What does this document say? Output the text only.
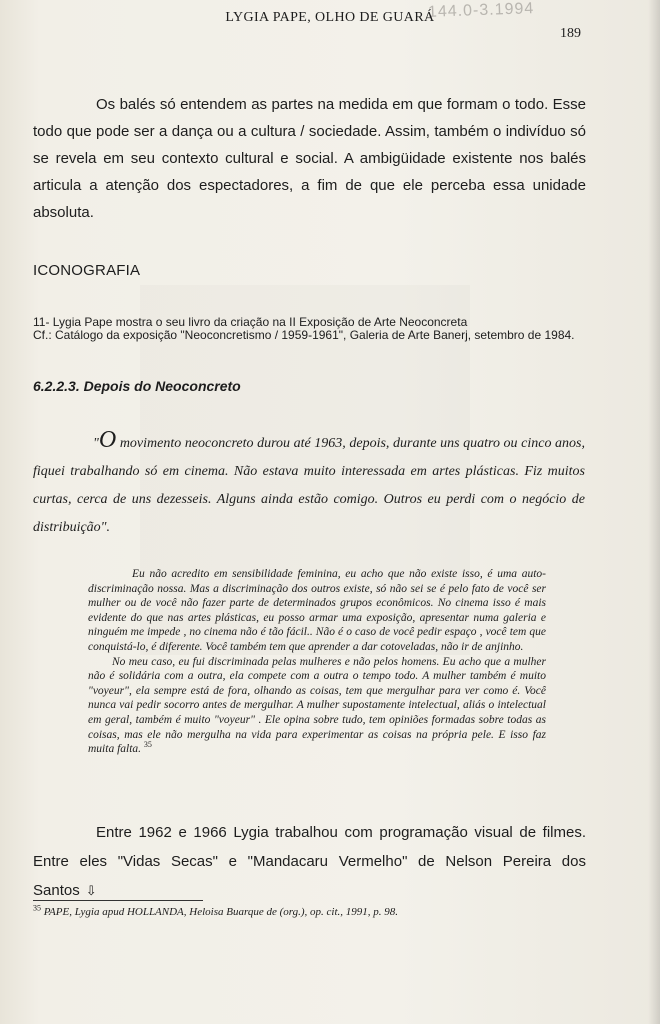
144.0-3.1994
LYGIA PAPE, OLHO DE GUARÁ
189
Os balés só entendem as partes na medida em que formam o todo. Esse todo que pode ser a dança ou a cultura / sociedade. Assim, também o indivíduo só se revela em seu contexto cultural e social. A ambigüidade existente nos balés articula a atenção dos espectadores, a fim de que ele perceba essa unidade absoluta.
ICONOGRAFIA
11- Lygia Pape mostra o seu livro da criação na II Exposição de Arte Neoconcreta
Cf.: Catálogo da exposição "Neoconcretismo / 1959-1961", Galeria de Arte Banerj, setembro de 1984.
6.2.2.3. Depois do Neoconcreto
"O movimento neoconcreto durou até 1963, depois, durante uns quatro ou cinco anos, fiquei trabalhando só em cinema. Não estava muito interessada em artes plásticas. Fiz muitos curtas, cerca de uns dezesseis. Alguns ainda estão comigo. Outros eu perdi com o negócio de distribuição".

Eu não acredito em sensibilidade feminina, eu acho que não existe isso, é uma auto-discriminação nossa. Mas a discriminação dos outros existe, só não sei se é pelo fato de você ser mulher ou de você não fazer parte de determinados grupos econômicos. No cinema isso é mais evidente do que nas artes plásticas, eu posso armar uma exposição, apresentar numa galeria e ninguém me impede , no cinema não é tão fácil.. Não é o caso de você pedir espaço , você tem que conquistá-lo, é diferente. Você também tem que aprender a dar cotoveladas, não ir de anjinho.

No meu caso, eu fui discriminada pelas mulheres e não pelos homens. Eu acho que a mulher não é solidária com a outra, ela compete com a outra o tempo todo. A mulher também é muito "voyeur", ela sempre está de fora, olhando as coisas, tem que mergulhar para ver como é. Você nunca vai pedir socorro antes de mergulhar. A mulher supostamente intelectual, aliás o intelectual em geral, também é muito "voyeur" . Ele opina sobre tudo, tem opiniões formadas sobre todas as coisas, mas ele não mergulha na vida para experimentar as coisas na própria pele. E isso faz muita falta. $^{35}$

Entre 1962 e 1966 Lygia trabalhou com programação visual de filmes. Entre eles "Vidas Secas" e "Mandacaru Vermelho" de Nelson Pereira dos Santos ⇩
$^{35}$ PAPE, Lygia apud HOLLANDA, Heloisa Buarque de (org.), op. cit., 1991, p. 98.
